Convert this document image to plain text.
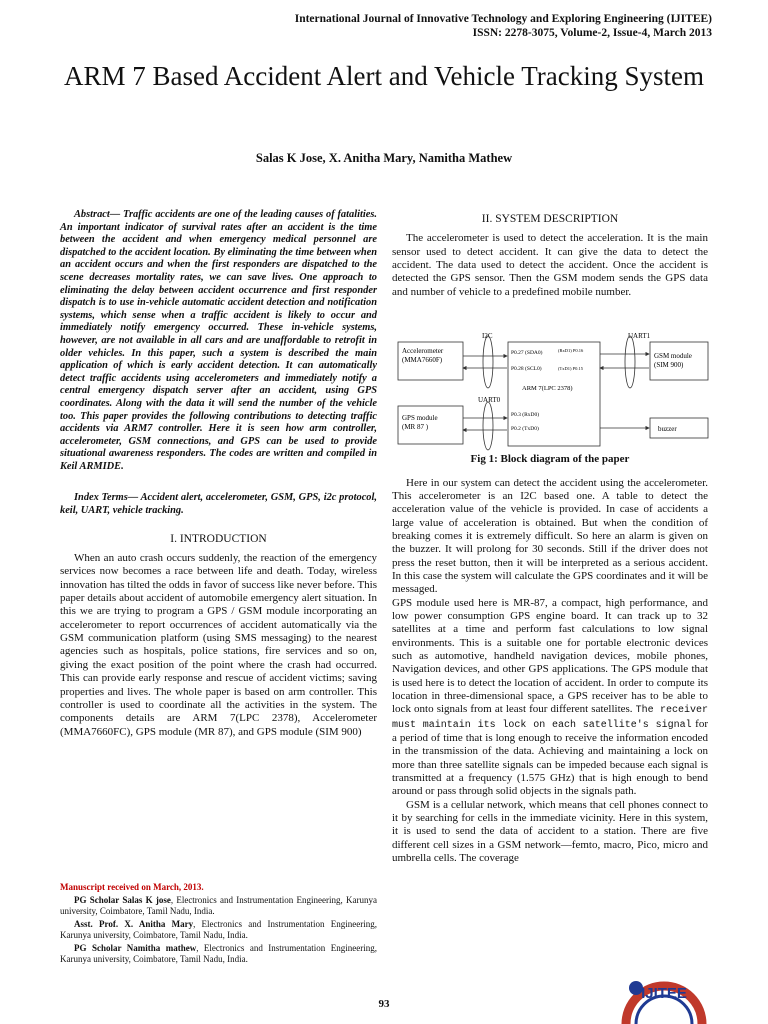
International Journal of Innovative Technology and Exploring Engineering (IJITEE)
ISSN: 2278-3075, Volume-2, Issue-4, March 2013
ARM 7 Based Accident Alert and Vehicle Tracking System
Salas K Jose, X. Anitha Mary, Namitha Mathew

Abstract— Traffic accidents are one of the leading causes of fatalities. An important indicator of survival rates after an accident is the time between the accident and when emergency medical personnel are dispatched to the accident location. By eliminating the time between when an accident occurs and when the first responders are dispatched to the scene decreases mortality rates, we can save lives. One approach to eliminating the delay between accident occurrence and first responder dispatch is to use in-vehicle automatic accident detection and notification systems, which sense when a traffic accident is likely to occur and immediately notify emergency occurred. These in-vehicle systems, however, are not available in all cars and are unaffordable to retrofit in older vehicles. In this paper, such a system is described the main application of which is early accident detection. It can automatically detect traffic accidents using accelerometers and immediately notify a central emergency dispatch server after an accident, using GPS coordinates. Along with the data it will send the number of the vehicle too. This paper provides the following contributions to detecting traffic accidents via ARM7 controller. Here it is seen how arm controller, accelerometer, GSM connections, and GPS can be used to provide situational awareness responders. The codes are written and compiled in Keil ARMIDE.

Index Terms— Accident alert, accelerometer, GSM, GPS, i2c protocol, keil, UART, vehicle tracking.

I. INTRODUCTION

When an auto crash occurs suddenly, the reaction of the emergency services now becomes a race between life and death. Today, wireless innovation has tilted the odds in favor of success like never before. This paper details about accident of automobile emergency alert situation. In this we are trying to program a GPS / GSM module incorporating an accelerometer to report occurrences of accident automatically via the GSM communication platform (using SMS messaging) to the nearest agencies such as hospitals, police stations, fire services and so on, giving the exact position of the point where the crash had occurred. This can provide early response and rescue of accident victims; saving properties and lives. The whole paper is based on arm controller. This controller is used to coordinate all the activities in the system. The components details are ARM 7(LPC 2378), Accelerometer (MMA7660FC), GPS module (MR 87), and GPS module (SIM 900)

Manuscript received on March, 2013.

PG Scholar Salas K jose, Electronics and Instrumentation Engineering, Karunya university, Coimbatore, Tamil Nadu, India.

Asst. Prof. X. Anitha Mary, Electronics and Instrumentation Engineering, Karunya university, Coimbatore, Tamil Nadu, India.

PG Scholar Namitha mathew, Electronics and Instrumentation Engineering, Karunya university, Coimbatore, Tamil Nadu, India.

II. SYSTEM DESCRIPTION

The accelerometer is used to detect the acceleration. It is the main sensor used to detect accident. It can give the data to detect the accident. The data used to detect the accident. Once the accident is detected the GPS sensor. Then the GSM modem sends the GPS data and number of vehicle to a predefined mobile number.

Fig 1: Block diagram of the paper

Here in our system can detect the accident using the accelerometer. This accelerometer is an I2C based one. A table to detect the acceleration value of the vehicle is provided. In case of accidents a large value of acceleration is obtained. But when the condition of breaking comes it is extremely difficult. So here an alarm is given on the buzzer. It will prolong for 30 seconds. Still if the driver does not press the reset button, then it will be interpreted as a serious accident. In this case the system will calculate the GPS coordinates and it will be messaged.

GPS module used here is MR-87, a compact, high performance, and low power consumption GPS engine board. It can track up to 32 satellites at a time and perform fast calculations to low signal environments. This is a suitable one for portable electronic devices such as automotive, handheld navigation devices, mobile phones, Navigation devices, and other GPS applications. The GPS module that is used here is to detect the location of accident. In order to compute its location in three-dimensional space, a GPS receiver has to be able to lock onto signals from at least four different satellites. The receiver must maintain its lock on each satellite's signal for a period of time that is long enough to receive the information encoded in the transmission of the data. Achieving and maintaining a lock on more than three satellite signals can be impeded because each signal is transmitted at a frequency (1.575 GHz) that is high enough to bend around or pass through solid objects in the signals path.

GSM is a cellular network, which means that cell phones connect to it by searching for cells in the immediate vicinity. Here in this system, it is used to send the data of accident to a station. There are five different cell sizes in a GSM network—femto, macro, Pico, micro and umbrella cells. The coverage

I2C
UART0
UART1
Accelerometer
(MMA7660F)
GPS module
(MR 87 )
P0.27 (SDA0)
P0.28 (SCL0)
(RxD1) P0.16
(TxD1) P0.15
ARM 7(LPC 2378)
P0.3 (RxD0)
P0.2 (TxD0)
GSM module
(SIM 900)
buzzer
93
IJITEE
